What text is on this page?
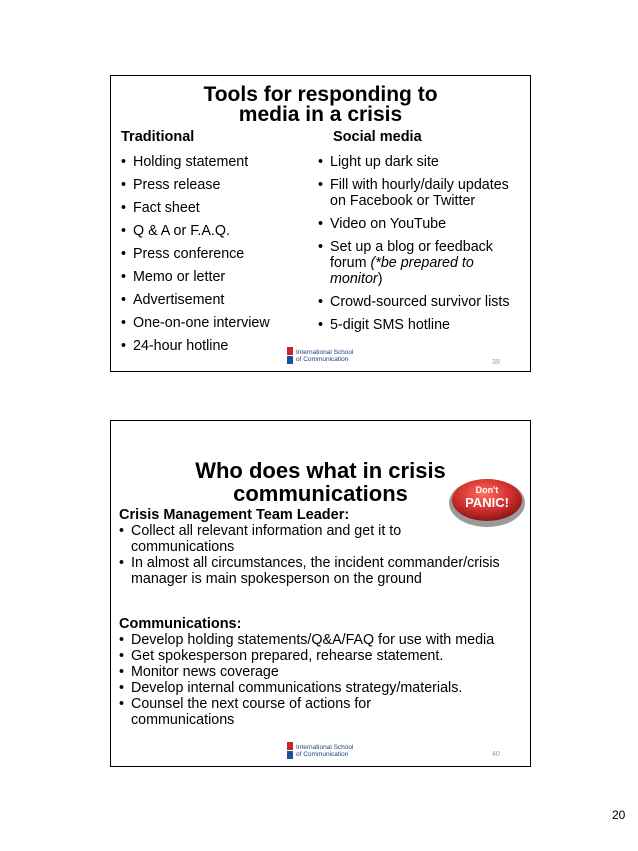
Tools for responding to
media in a crisis
Traditional
• Holding statement
• Press release
• Fact sheet
• Q & A or F.A.Q.
• Press conference
• Memo or letter
• Advertisement
• One-on-one interview
• 24-hour hotline
Social media
• Light up dark site
• Fill with hourly/daily updates on Facebook or Twitter
• Video on YouTube
• Set up a blog or feedback forum (*be prepared to monitor)
• Crowd-sourced survivor lists
• 5-digit SMS hotline
International School
of Communication	39
Who does what in crisis
communications	Don't
PANIC!
Crisis Management Team Leader:
• Collect all relevant information and get it to communications
• In almost all circumstances, the incident commander/crisis manager is main spokesperson on the ground
Communications:
• Develop holding statements/Q&A/FAQ for use with media
• Get spokesperson prepared, rehearse statement.
• Monitor news coverage
• Develop internal communications strategy/materials.
• Counsel the next course of actions for communications
International School
of Communication	40
20
